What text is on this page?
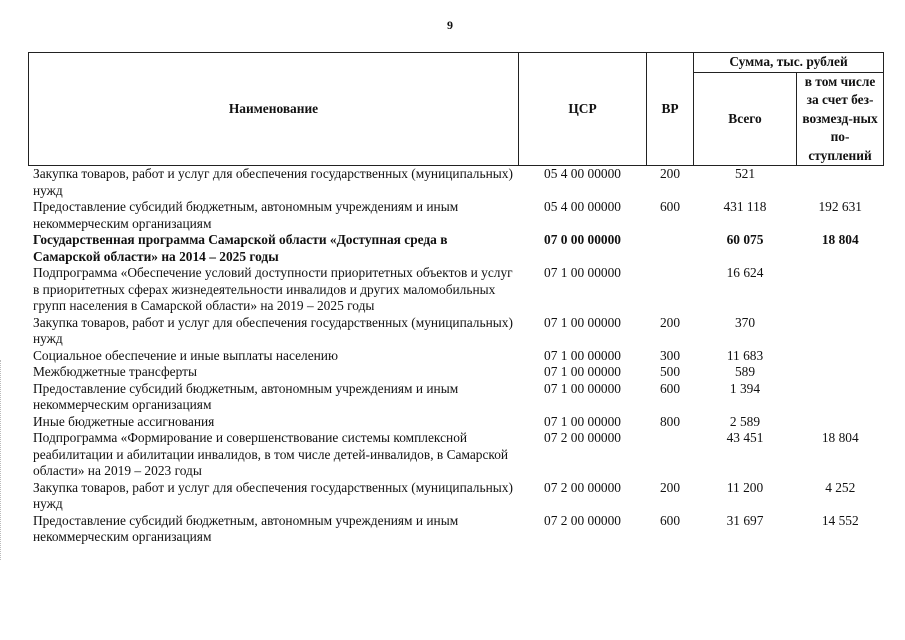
9
Наименование	ЦСР	ВР	Сумма, тыс. рублей	
			Всего	в том числе за счет без-возмезд-ных по-ступлений
Закупка товаров, работ и услуг для обеспечения государственных (муниципальных) нужд	05 4 00 00000	200	521	
Предоставление субсидий бюджетным, автономным учреждениям и иным некоммерческим организациям	05 4 00 00000	600	431 118	192 631
Государственная программа Самарской области «Доступная среда в Самарской области» на 2014 – 2025 годы	07 0 00 00000		60 075	18 804
Подпрограмма «Обеспечение условий доступности приоритетных объектов и услуг в приоритетных сферах жизнедеятельности инвалидов и других маломобильных групп населения в Самарской области» на 2019 – 2025 годы	07 1 00 00000		16 624	
Закупка товаров, работ и услуг для обеспечения государственных (муниципальных) нужд	07 1 00 00000	200	370	
Социальное обеспечение и иные выплаты населению	07 1 00 00000	300	11 683	
Межбюджетные трансферты	07 1 00 00000	500	589	
Предоставление субсидий бюджетным, автономным учреждениям и иным некоммерческим организациям	07 1 00 00000	600	1 394	
Иные бюджетные ассигнования	07 1 00 00000	800	2 589	
Подпрограмма «Формирование и совершенствование системы комплексной реабилитации и абилитации инвалидов, в том числе детей-инвалидов, в Самарской области» на 2019 – 2023 годы	07 2 00 00000		43 451	18 804
Закупка товаров, работ и услуг для обеспечения государственных (муниципальных) нужд	07 2 00 00000	200	11 200	4 252
Предоставление субсидий бюджетным, автономным учреждениям и иным некоммерческим организациям	07 2 00 00000	600	31 697	14 552
